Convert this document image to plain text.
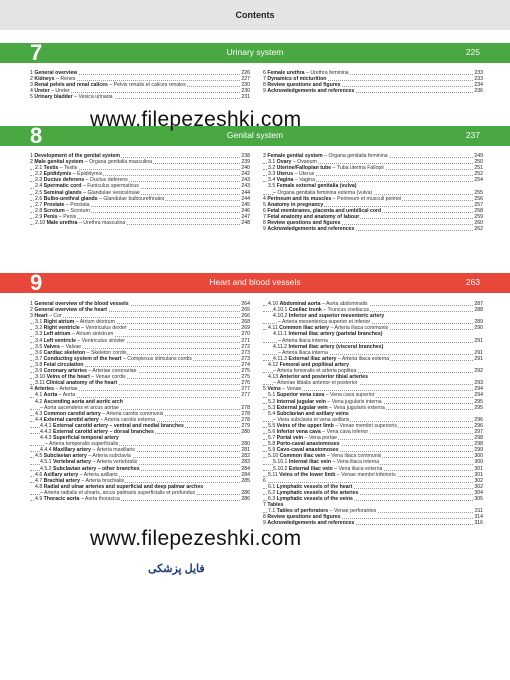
Contents
7	Urinary system	225
1 General overview	226
2 Kidneys – Renes	227
3 Renal pelvis and renal calices – Pelvis renalis et calices renales	230
4 Ureter – Ureter	230
5 Urinary bladder – Vesica urinaria	231
6 Female urethra – Urethra feminina	233
7 Dynamics of micturition	233
8 Review questions and figures	234
9 Acknowledgements and references	236
8	Genital system	237
1 Development of the genital system	238
2 Male genital system – Organa genitalia masculina	239
2.1 Testis – Testis	240
2.2 Epididymis – Epididymis	242
2.3 Ductus deferens – Ductus deferens	243
2.4 Spermatic cord – Funiculus spermaticus	243
2.5 Seminal glands – Glandulae vesiculosae	244
2.6 Bulbo-urethral glands – Glandulae bulbourethrales	244
2.7 Prostate – Prostata	245
2.8 Scrotum – Scrotum	246
2.9 Penis – Penis	247
2.10 Male urethra – Urethra masculina	248
3 Female genital system – Organa genitalia feminina	249
3.1 Ovary – Ovarium	250
3.2 Uterine/Fallopian tube – Tuba uterina Fallopii	251
3.3 Uterus – Uterus	252
3.4 Vagina – Vagina	254
3.5 Female external genitalia (vulva)
– Organa genitalia feminina externa (vulva)	255
4 Perineum and its muscles – Perineum et musculi perinei	256
5 Anatomy in pregnancy	257
6 Fetal membranes, placenta and umbilical cord	258
7 Fetal anatomy and anatomy of labour	259
8 Review questions and figures	260
9 Acknowledgements and references	262
9	Heart and blood vessels	263
1 General overview of the blood vessels	264
2 General overview of the heart	265
3 Heart – Cor	266
3.1 Right atrium – Atrium dextrum	268
3.2 Right ventricle – Ventriculus dexter	269
3.3 Left atrium – Atrium sinistrum	270
3.4 Left ventricle – Ventriculus sinister	271
3.5 Valves – Valvae	272
3.6 Cardiac skeleton – Skeleton cordis	273
3.7 Conducting system of the heart – Complexus stimulans cordis	273
3.8 Fetal circulation	274
3.9 Coronary arteries – Arteriae coronariae	275
3.10 Veins of the heart – Venae cordis	275
3.11 Clinical anatomy of the heart	276
4 Arteries – Arteriae	277
4.1 Aorta – Aorta	277
4.2 Ascending aorta and aortic arch
– Aorta ascendens et arcus aortae	278
4.3 Common carotid artery – Arteria carotis communis	278
4.4 External carotid artery – Arteria carotis externa	278
4.4.1 External carotid artery – ventral and medial branches	279
4.4.2 External carotid artery – dorsal branches	280
4.4.3 Superficial temporal artery
– Arteria temporalis superficialis	280
4.4.4 Maxillary artery – Arteria maxillaris	281
4.5 Subclavian artery – Arteria subclavia	282
4.5.1 Vertebral artery – Arteria vertebralis	283
4.5.2 Subclavian artery – other branches	284
4.6 Axillary artery – Arteria axillaris	284
4.7 Brachial artery – Arteria brachialis	285
4.8 Radial and ulnar arteries and superficial and deep palmar arches
– Arteria radialis et ulnaris, arcus palmaris superficialis et profundus	286
4.9 Thoracic aorta – Aorta thoracica	286
4.10 Abdominal aorta – Aorta abdominalis	287
4.10.1 Coeliac trunk – Truncus coeliacus	288
4.10.2 Inferior and superior mesenteric artery
– Arteria mesenterica superior et inferior	289
4.11 Common iliac artery – Arteria iliaca communis	290
4.11.1 Internal iliac artery (parietal branches)
– Arteria iliaca interna	291
4.11.2 Internal iliac artery (visceral branches)
– Arteria iliaca interna	291
4.11.3 External iliac artery – Arteria iliaca externa	291
4.12 Femoral and popliteal artery
– Arteria femoralis et arteria poplitea	292
4.13 Anterior and posterior tibial arteries
– Arteriae tibialis anterior et posterior	293
5 Veins – Venae	294
5.1 Superior vena cava – Vena cava superior	294
5.2 Internal jugular vein – Vena jugularis interna	295
5.3 External jugular vein – Vena jugularis externa	295
5.4 Subclavian and axillary veins
– Vena subclavia et vena axillaris	296
5.5 Veins of the upper limb – Venae membri superioris	296
5.6 Inferior vena cava – Vena cava inferior	297
5.7 Portal vein – Vena portae	298
5.8 Porto-caval anastomoses	298
5.9 Cavo-caval anastomoses	299
5.10 Common iliac vein – Vena iliaca communis	300
5.10.1 Internal iliac vein – Vena iliaca interna	300
5.10.2 External iliac vein – Vena iliaca externa	301
5.11 Veins of the lower limb – Venae membri inferioris	301
6	302
6.1 Lymphatic vessels of the heart	302
6.2 Lymphatic vessels of the arteries	304
6.3 Lymphatic vessels of the veins	305
7 Tables
7.1 Tables of perforators – Venae perforantes	311
8 Review questions and figures	314
9 Acknowledgements and references	316
www.filepezeshki.com
www.filepezeshki.com
فایل پزشکی
